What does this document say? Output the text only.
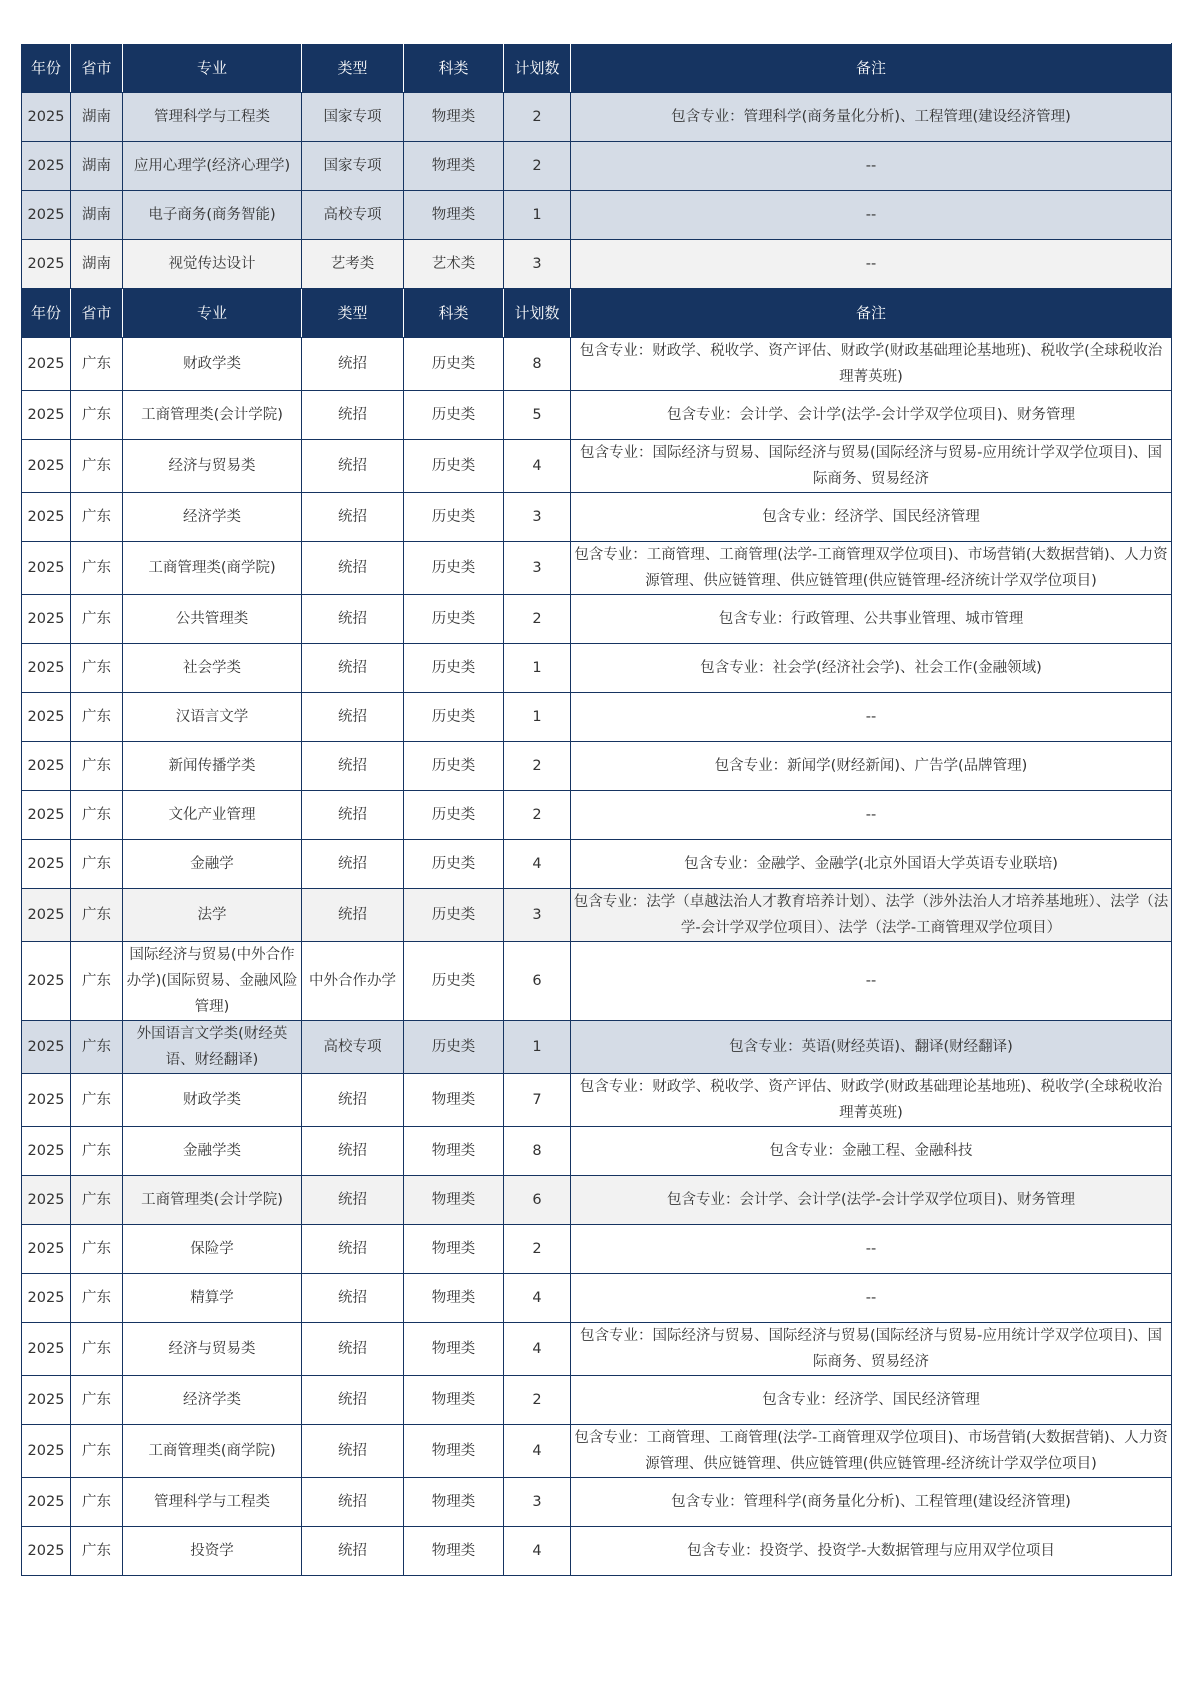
年份	省市	专业	类型	科类	计划数	备注
2025	湖南	管理科学与工程类	国家专项	物理类	2	包含专业：管理科学(商务量化分析)、工程管理(建设经济管理)
2025	湖南	应用心理学(经济心理学)	国家专项	物理类	2	--
2025	湖南	电子商务(商务智能)	高校专项	物理类	1	--
2025	湖南	视觉传达设计	艺考类	艺术类	3	--
年份	省市	专业	类型	科类	计划数	备注
2025	广东	财政学类	统招	历史类	8	包含专业：财政学、税收学、资产评估、财政学(财政基础理论基地班)、税收学(全球税收治理菁英班)
2025	广东	工商管理类(会计学院)	统招	历史类	5	包含专业：会计学、会计学(法学-会计学双学位项目)、财务管理
2025	广东	经济与贸易类	统招	历史类	4	包含专业：国际经济与贸易、国际经济与贸易(国际经济与贸易-应用统计学双学位项目)、国际商务、贸易经济
2025	广东	经济学类	统招	历史类	3	包含专业：经济学、国民经济管理
2025	广东	工商管理类(商学院)	统招	历史类	3	包含专业：工商管理、工商管理(法学-工商管理双学位项目)、市场营销(大数据营销)、人力资源管理、供应链管理、供应链管理(供应链管理-经济统计学双学位项目)
2025	广东	公共管理类	统招	历史类	2	包含专业：行政管理、公共事业管理、城市管理
2025	广东	社会学类	统招	历史类	1	包含专业：社会学(经济社会学)、社会工作(金融领域)
2025	广东	汉语言文学	统招	历史类	1	--
2025	广东	新闻传播学类	统招	历史类	2	包含专业：新闻学(财经新闻)、广告学(品牌管理)
2025	广东	文化产业管理	统招	历史类	2	--
2025	广东	金融学	统招	历史类	4	包含专业：金融学、金融学(北京外国语大学英语专业联培)
2025	广东	法学	统招	历史类	3	包含专业：法学（卓越法治人才教育培养计划）、法学（涉外法治人才培养基地班）、法学（法学-会计学双学位项目）、法学（法学-工商管理双学位项目）
2025	广东	国际经济与贸易(中外合作办学)(国际贸易、金融风险管理)	中外合作办学	历史类	6	--
2025	广东	外国语言文学类(财经英语、财经翻译)	高校专项	历史类	1	包含专业：英语(财经英语)、翻译(财经翻译)
2025	广东	财政学类	统招	物理类	7	包含专业：财政学、税收学、资产评估、财政学(财政基础理论基地班)、税收学(全球税收治理菁英班)
2025	广东	金融学类	统招	物理类	8	包含专业：金融工程、金融科技
2025	广东	工商管理类(会计学院)	统招	物理类	6	包含专业：会计学、会计学(法学-会计学双学位项目)、财务管理
2025	广东	保险学	统招	物理类	2	--
2025	广东	精算学	统招	物理类	4	--
2025	广东	经济与贸易类	统招	物理类	4	包含专业：国际经济与贸易、国际经济与贸易(国际经济与贸易-应用统计学双学位项目)、国际商务、贸易经济
2025	广东	经济学类	统招	物理类	2	包含专业：经济学、国民经济管理
2025	广东	工商管理类(商学院)	统招	物理类	4	包含专业：工商管理、工商管理(法学-工商管理双学位项目)、市场营销(大数据营销)、人力资源管理、供应链管理、供应链管理(供应链管理-经济统计学双学位项目)
2025	广东	管理科学与工程类	统招	物理类	3	包含专业：管理科学(商务量化分析)、工程管理(建设经济管理)
2025	广东	投资学	统招	物理类	4	包含专业：投资学、投资学-大数据管理与应用双学位项目
